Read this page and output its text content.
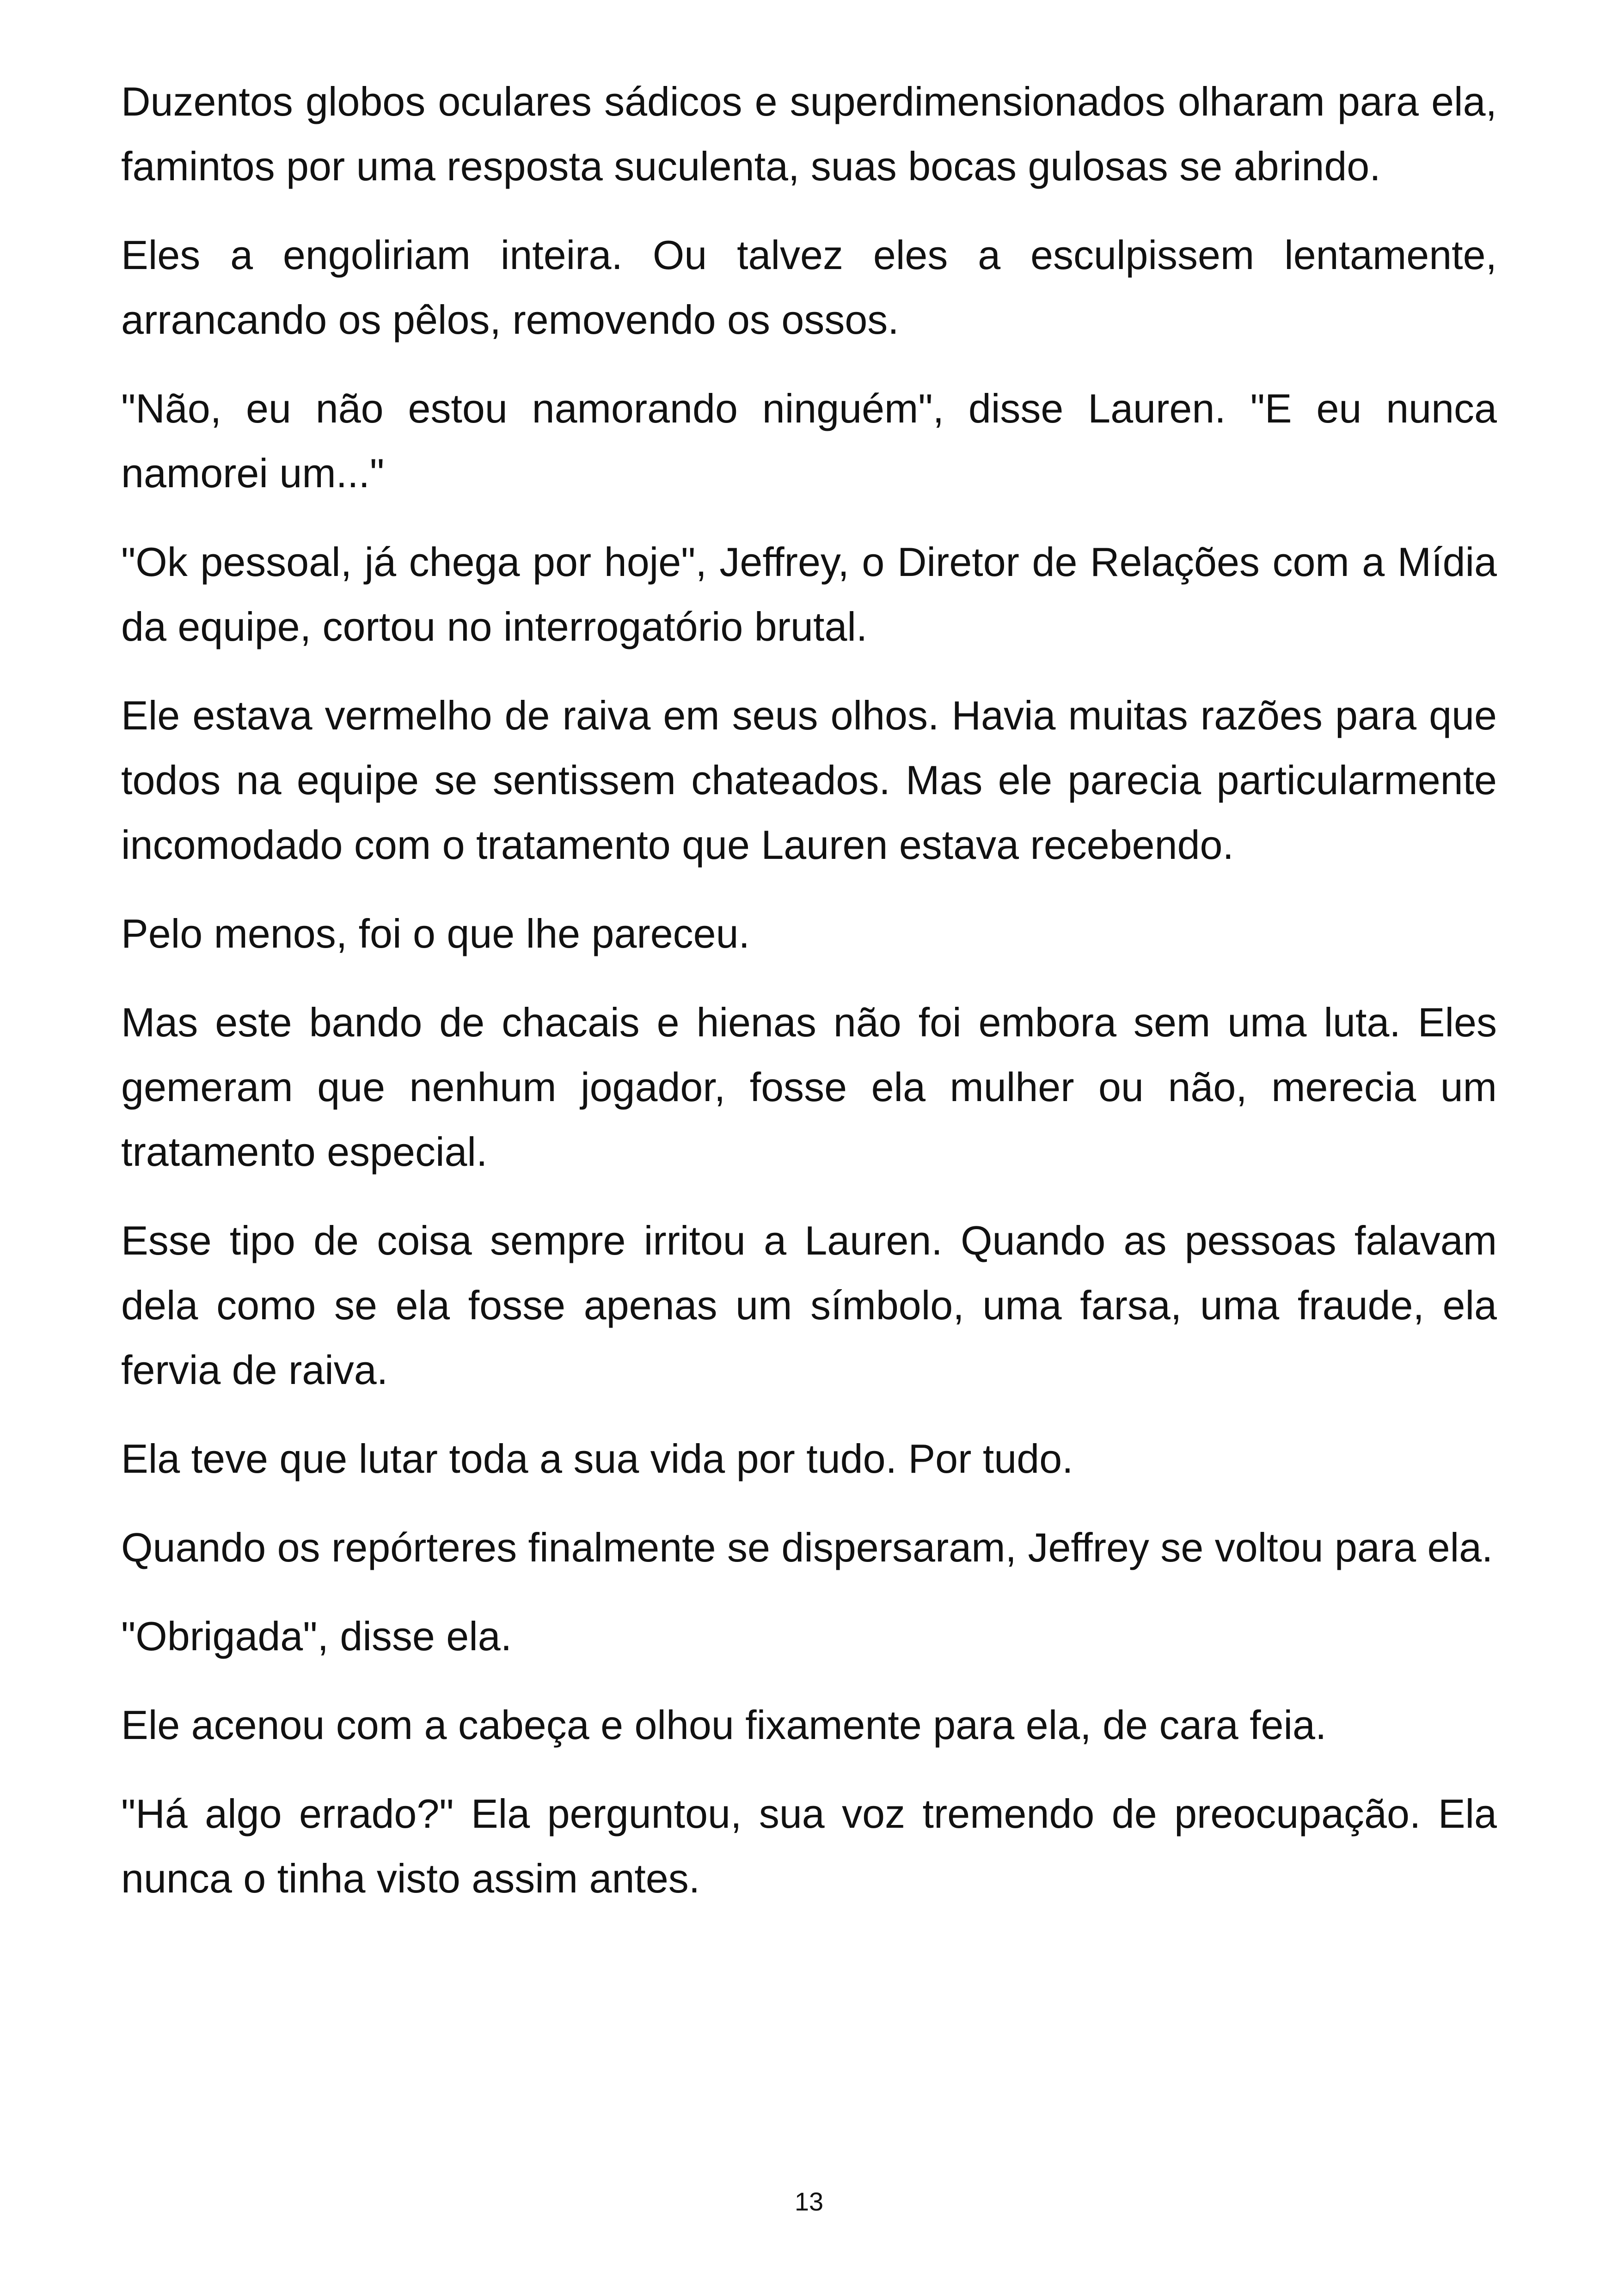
Duzentos globos oculares sádicos e superdimensionados olharam para ela, famintos por uma resposta suculenta, suas bocas gulosas se abrindo.

Eles a engoliriam inteira. Ou talvez eles a esculpissem lentamente, arrancando os pêlos, removendo os ossos.

"Não, eu não estou namorando ninguém", disse Lauren. "E eu nunca namorei um..."

"Ok pessoal, já chega por hoje", Jeffrey, o Diretor de Relações com a Mídia da equipe, cortou no interrogatório brutal.

Ele estava vermelho de raiva em seus olhos. Havia muitas razões para que todos na equipe se sentissem chateados. Mas ele parecia particularmente incomodado com o tratamento que Lauren estava recebendo.

Pelo menos, foi o que lhe pareceu.

Mas este bando de chacais e hienas não foi embora sem uma luta. Eles gemeram que nenhum jogador, fosse ela mulher ou não, merecia um tratamento especial.

Esse tipo de coisa sempre irritou a Lauren. Quando as pessoas falavam dela como se ela fosse apenas um símbolo, uma farsa, uma fraude, ela fervia de raiva.

Ela teve que lutar toda a sua vida por tudo. Por tudo.

Quando os repórteres finalmente se dispersaram, Jeffrey se voltou para ela.

"Obrigada", disse ela.

Ele acenou com a cabeça e olhou fixamente para ela, de cara feia.

"Há algo errado?" Ela perguntou, sua voz tremendo de preocupação. Ela nunca o tinha visto assim antes.

13
